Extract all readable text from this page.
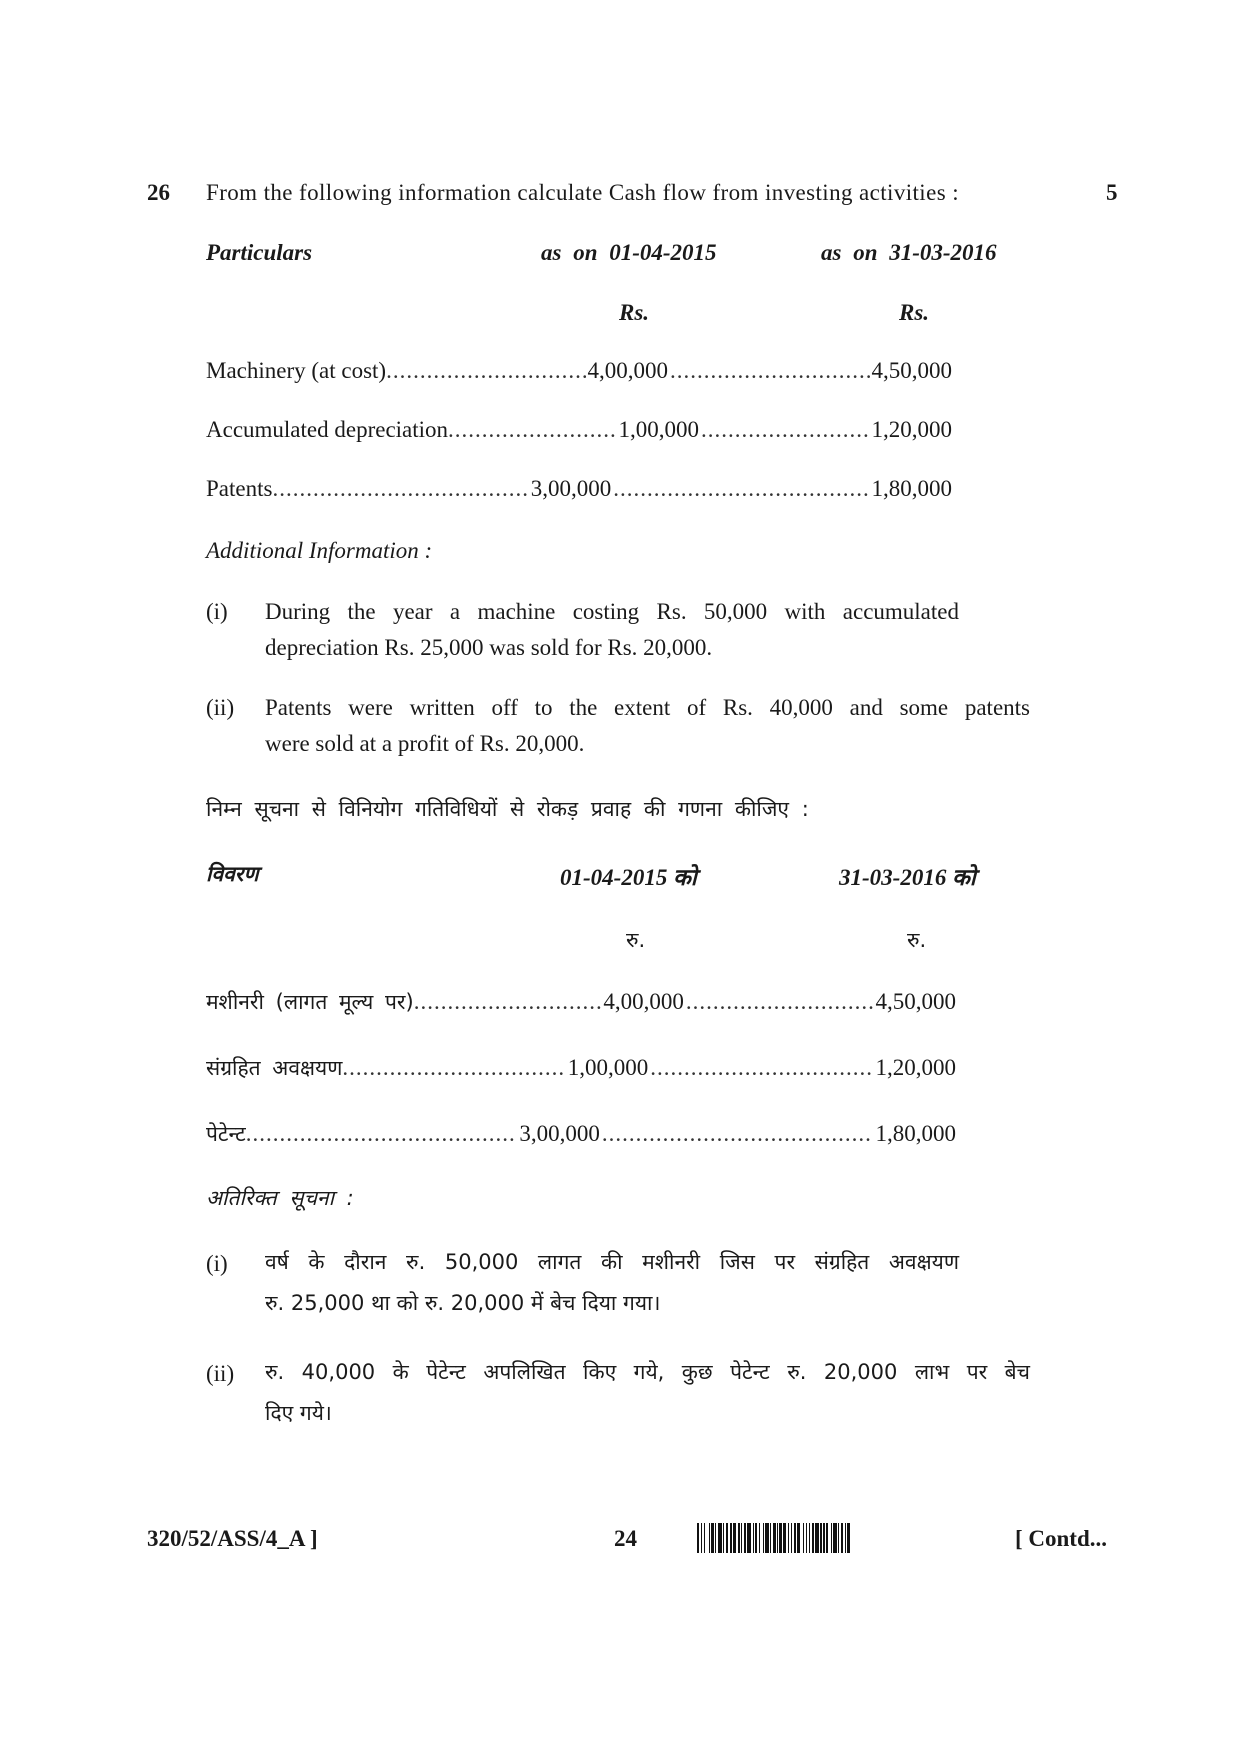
26 From the following information calculate Cash flow from investing activities :	5
Particulars	as on 01-04-2015	as on 31-03-2016
Rs.	Rs.
Machinery (at cost) .....	4,00,000 .....	4,50,000
Accumulated depreciation .....	1,00,000 .....	1,20,000
Patents .....	3,00,000 .....	1,80,000
Additional Information :
(i) During the year a machine costing Rs. 50,000 with accumulated
depreciation Rs. 25,000 was sold for Rs. 20,000.
(ii) Patents were written off to the extent of Rs. 40,000 and some patents
were sold at a profit of Rs. 20,000.
निम्न सूचना से विनियोग गतिविधियों से रोकड़ प्रवाह की गणना कीजिए :
विवरण	01-04-2015 को	31-03-2016 को
रु.	रु.
मशीनरी (लागत मूल्य पर) .....	4,00,000 .....	4,50,000
संग्रहित अवक्षयण .....	1,00,000 .....	1,20,000
पेटेन्ट .....	3,00,000 .....	1,80,000
अतिरिक्त सूचना :
(i) वर्ष के दौरान रु. 50,000 लागत की मशीनरी जिस पर संग्रहित अवक्षयण
रु. 25,000 था को रु. 20,000 में बेच दिया गया।
(ii) रु. 40,000 के पेटेन्ट अपलिखित किए गये, कुछ पेटेन्ट रु. 20,000 लाभ पर बेच
दिए गये।
320/52/ASS/4_A ]	24	[ Contd...
